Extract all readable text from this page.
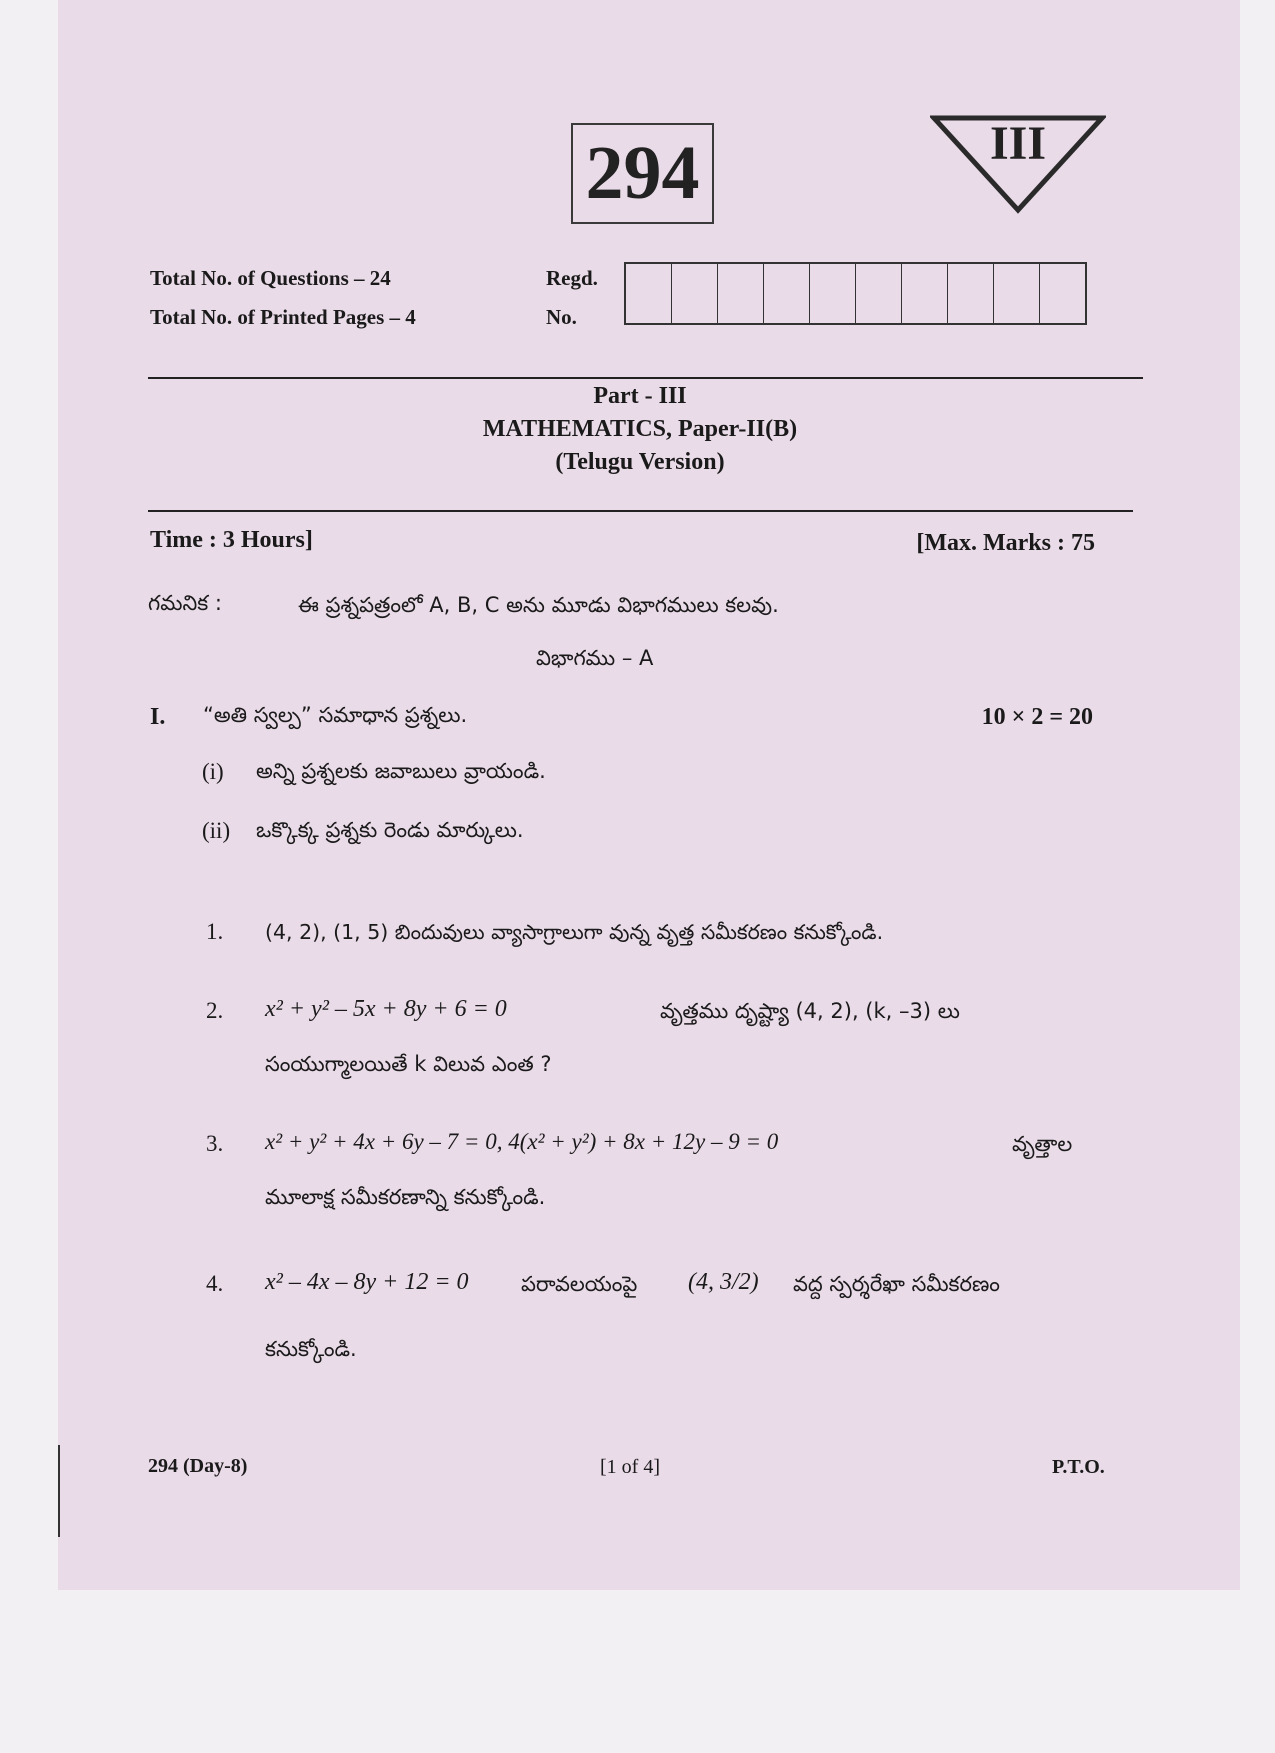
294	III
Total No. of Questions – 24
Total No. of Printed Pages – 4
Regd.
No.
Part - III
MATHEMATICS, Paper-II(B)
(Telugu Version)
Time : 3 Hours]	[Max. Marks : 75
గమనిక :	ఈ ప్రశ్నపత్రంలో A, B, C అను మూడు విభాగములు కలవు.
విభాగము – A
I. “అతి స్వల్ప” సమాధాన ప్రశ్నలు.	10 × 2 = 20
(i) అన్ని ప్రశ్నలకు జవాబులు వ్రాయండి.
(ii) ఒక్కొక్క ప్రశ్నకు రెండు మార్కులు.
1. (4, 2), (1, 5) బిందువులు వ్యాసాగ్రాలుగా వున్న వృత్త సమీకరణం కనుక్కోండి.
2. x² + y² – 5x + 8y + 6 = 0	వృత్తము దృష్ట్యా (4, 2), (k, –3) లు
సంయుగ్మాలయితే k విలువ ఎంత ?
3. x² + y² + 4x + 6y – 7 = 0, 4(x² + y²) + 8x + 12y – 9 = 0	వృత్తాల
మూలాక్ష సమీకరణాన్ని కనుక్కోండి.
4. x² – 4x – 8y + 12 = 0 పరావలయంపై (4, 3/2) వద్ద స్పర్శరేఖా సమీకరణం
కనుక్కోండి.
294 (Day-8)	[1 of 4]	P.T.O.
